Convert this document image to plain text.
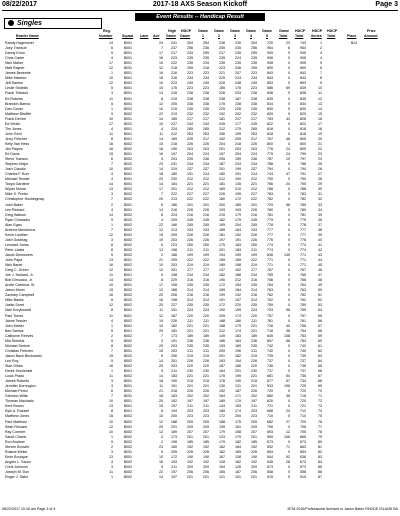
08/22/2017	2017-18 AXS Season Kickoff	Page 3
Event Results -- Handicap Result
Singles
Bowler Name
Reg.
Number	Squad Lane Ave
High
Game
HDCP
Game
Game
1
Game
2
Game
3
Game
4
Game
5
Game
Total
HDCP
Total
HDCP
Series
HDCP
Total	Place
Prize
Amount
Randy Hagemeier	14	$001	24	241	254	254	236	230	254	720	23	743	1	$14
Joey Transue	6	$001	7	237	256	236	255	235	256	954	6	954	2
Danny Khuo	9	$001	17	217	243	259	217	235	259	949	9	949	3
Chris Carter	4	$001	16	223	235	235	235	224	235	906	0	906	4
Nick Maher	17	$001	10	222	235	234	235	235	235	908	0	905	5
Matt Rayner	12	$001	12	218	259	218	223	236	259	890	0	890	6
James Bessette	1	$001	16	216	223	223	221	207	223	843	0	843	7
Mike Macedo	10	$001	18	216	234	234	225	213	234	843	0	843	8
Jeff Santos	12	$002	10	223	249	249	226	248	249	853	0	853	9
Leslie Stolekis	5	$001	10	176	223	223	185	178	223	586	69	839	10
Frank Thibault	3	$001	13	218	238	238	226	203	238	838	0	838	11
Ed Roberts	11	$001	8	215	238	238	238	187	238	835	0	835	12
Brandon Barros	5	$001	12	205	238	238	178	238	238	834	0	834	13
Dan Condo	1	$002	10	215	245	245	225	226	245	830	0	830	14
Matthew Bitcliffe	9	$002	22	219	232	232	192	202	232	829	0	829	15
Frank DeVoe	10	$001	14	185	217	217	181	217	217	783	43	826	16
Ed Welch	17	$002	10	227	244	244	245	177	245	822	0	822	17
Tim Jones	4	$001	4	224	265	265	212	175	265	818	0	818	18
John Gent	11	$001	11	212	263	263	196	199	263	818	0	818	19
Jerry Fletcher	8	$001	14	189	205	217	192	205	217	767	46	805	20
Kelly Van Hess	16	$002	15	218	226	226	204	218	226	800	0	800	21
Jim Paquin	16	$002	16	190	203	203	201	203	203	776	24	800	22
Ed Davis	15	$001	16	197	204	224	197	204	224	775	24	799	23
Steve Transue	6	$002	5	203	205	246	205	159	246	787	10	797	24
Stephen Major	7	$002	23	231	234	234	187	234	234	786	0	786	25
Josh Claudio	10	$002	14	219	237	237	201	199	237	794	0	794	26
Charles F. Burr	4	$001	18	180	191	214	180	191	214	744	47	791	27
Michael Tessier	4	$001	20	230	212	212	212	190	212	790	0	790	28
Tanya Gardiner	14	$001	14	164	221	221	181	145	221	766	24	790	29
Wylan Moore	13	$002	17	201	212	212	169	210	212	788	0	788	30
Mike S. Prinitz	3	$002	7	222	227	227	226	199	227	783	0	783	31
Christopher Hockingmay	7	$002	20	213	222	222	180	172	222	782	0	782	32
Josh Baker	2	$001	6	186	201	201	200	189	201	729	56	785	33
Lee Richard	4	$001	14	216	226	226	193	193	226	780	0	780	34
Greg Watson	14	$002	6	224	216	216	215	179	216	781	0	781	35
Ryan Chiaradio	9	$002	4	209	245	245	182	179	245	779	0	779	36
Alan Egan	1	$002	22	186	205	205	195	204	205	778	0	778	37
Andrew Mendonca	7	$002	12	213	233	233	189	164	233	777	0	777	38
Kevin Lowther	12	$002	19	209	226	226	181	192	226	777	0	777	39
Josh Golartag	3	$002	19	203	226	226	197	191	226	776	0	776	40
Leonard Jones	8	$002	5	223	250	250	175	183	250	774	0	774	41
Peter Lizata	8	$002	13	198	211	211	201	183	211	774	0	774	42
Jacob Desrosiers	5	$002	2	186	199	199	194	199	199	636	135	771	43
John Papa	13	$001	21	209	222	222	189	189	222	771	0	771	44
Nick Bauer	16	$002	10	203	219	219	189	198	219	771	0	771	45
Greg C. Green	12	$001	12	201	277	277	137	162	277	767	0	767	46
Joe J. Holland, Jr.	11	$001	5	198	234	234	182	188	234	765	0	765	47
Bob Dimucico, Jr.	14	$002	8	229	216	216	190	212	216	766	0	766	48
Andie Cardona, Sr.	10	$001	17	198	235	235	172	154	235	764	0	764	49
Jason Morin	15	$002	12	188	214	214	189	184	214	763	0	763	50
Zachary Campbell	16	$002	20	206	216	216	199	192	216	762	0	762	51
Mike Banks	6	$002	16	198	214	214	191	157	214	762	0	762	52
Justin Soret	12	$002	20	227	235	235	172	220	235	759	0	759	53
Nick Korykowski	8	$001	11	191	224	224	190	199	224	703	56	759	54
Paul Torres	11	$001	12	187	220	220	205	174	220	757	0	757	55
Jaime Tessier	4	$002	19	226	211	211	188	166	211	761	0	761	56
Josh Martel	1	$001	10	182	221	221	168	179	221	716	40	756	57
Ben Santos	5	$001	20	181	221	221	212	174	221	716	38	754	58
Caitlynne Reeves	2	$002	7	173	189	189	149	183	189	645	108	753	59
Mia Stolekis	5	$002	3	191	236	236	186	184	236	697	56	753	60
Michael Sedore	8	$002	20	203	235	235	193	189	235	742	0	742	61
Christian Fletcher	7	$001	15	203	211	211	209	196	211	740	0	740	62
Jason Bach Beckowski	15	$002	9	206	219	219	201	182	219	739	0	739	63
Leo Roy	5	$002	14	201	226	226	193	154	226	737	0	737	64
Stan Gibbs	16	$002	20	203	220	220	187	166	220	736	0	736	65
Derek Smolenski	1	$001	5	211	230	230	164	201	230	737	0	737	66
Louis Prado	11	$002	14	183	221	221	178	199	221	681	54	735	67
James Roberts	3	$001	18	190	215	215	178	190	215	677	57	734	68
Jennifer Dorrington	3	$001	11	151	201	201	130	131	201	533	196	729	69
Michael Perez	6	$001	21	218	226	226	192	187	226	720	0	720	70
Glendon Witts	7	$001	18	183	202	202	164	171	202	680	38	718	71
Thomas Machado	10	$001	20	192	197	197	189	179	197	620	0	720	72
Kent Brown	13	$001	15	197	211	211	144	153	211	721	0	721	73
Kyle A. Russell	8	$001	8	194	203	203	185	174	203	688	24	712	74
Matthew Jones	15	$002	10	200	223	223	172	200	223	710	0	710	75
Paul Martinez	10	$002	12	188	205	205	188	175	205	682	27	709	76
Sean Richard	12	$002	20	201	209	209	195	161	209	706	0	706	77
Ray Cormier	10	$002	12	189	207	207	179	158	207	693	12	705	78
Sandi Chavis	1	$002	3	173	201	201	123	179	201	559	106	665	79
Ron Andrew	9	$002	2	198	185	185	179	182	185	673	0	673	80
Steven Bouvier	2	$002	23	180	192	192	182	184	192	592	71	663	81
Roland Welch	3	$001	5	205	226	226	182	165	226	654	0	654	82
Emie Bourque	13	$001	10	172	190	190	167	138	190	544	92	636	83
Angelo L. Sauro	4	$002	16	193	192	192	128	162	192	545	28	673	84
Chris Johnson	3	$002	9	211	209	209	154	126	209	573	0	573	85
Joseph M. Don	11	$002	22	197	206	206	165	187	206	558	0	558	86
Roger J. Sabo	1	$002	13	197	201	201	121	151	201	515	0	515	87
08/22/2017 10:16 am Page 3 of 4	BTM-2015/Professional licensed to Jason Baker RHODE ISLAND BA
